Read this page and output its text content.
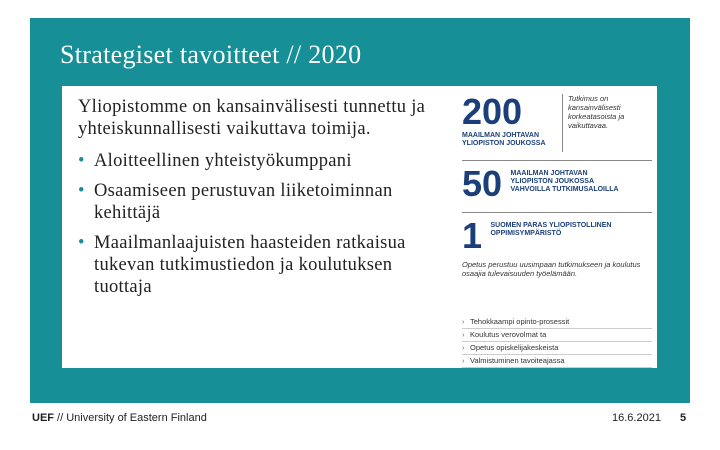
Strategiset tavoitteet // 2020

Yliopistomme on kansainvälisesti tunnettu ja yhteiskunnallisesti vaikuttava toimija.

• Aloitteellinen yhteistyökumppani
• Osaamiseen perustuvan liiketoiminnan kehittäjä
• Maailmanlaajuisten haasteiden ratkaisua tukevan tutkimustiedon ja koulutuksen tuottaja
200
MAAILMAN JOHTAVAN YLIOPISTON JOUKOSSA
Tutkimus on kansainvälisesti korkeatasoista ja vaikuttavaa.
50 MAAILMAN JOHTAVAN YLIOPISTON JOUKOSSA VAHVOILLA TUTKIMUSALOILLA
1 SUOMEN PARAS YLIOPISTOLLINEN OPPIMISYMPÄRISTÖ
Opetus perustuu uusimpaan tutkimukseen ja koulutus osaajia tulevaisuuden työelämään.
› Tehokkaampi opinto-prosessit
› Koulutus verovolmat ta
› Opetus opiskelijakeskeista
› Valmistuminen tavoiteajassa
UEF // University of Eastern Finland	16.6.2021 5
